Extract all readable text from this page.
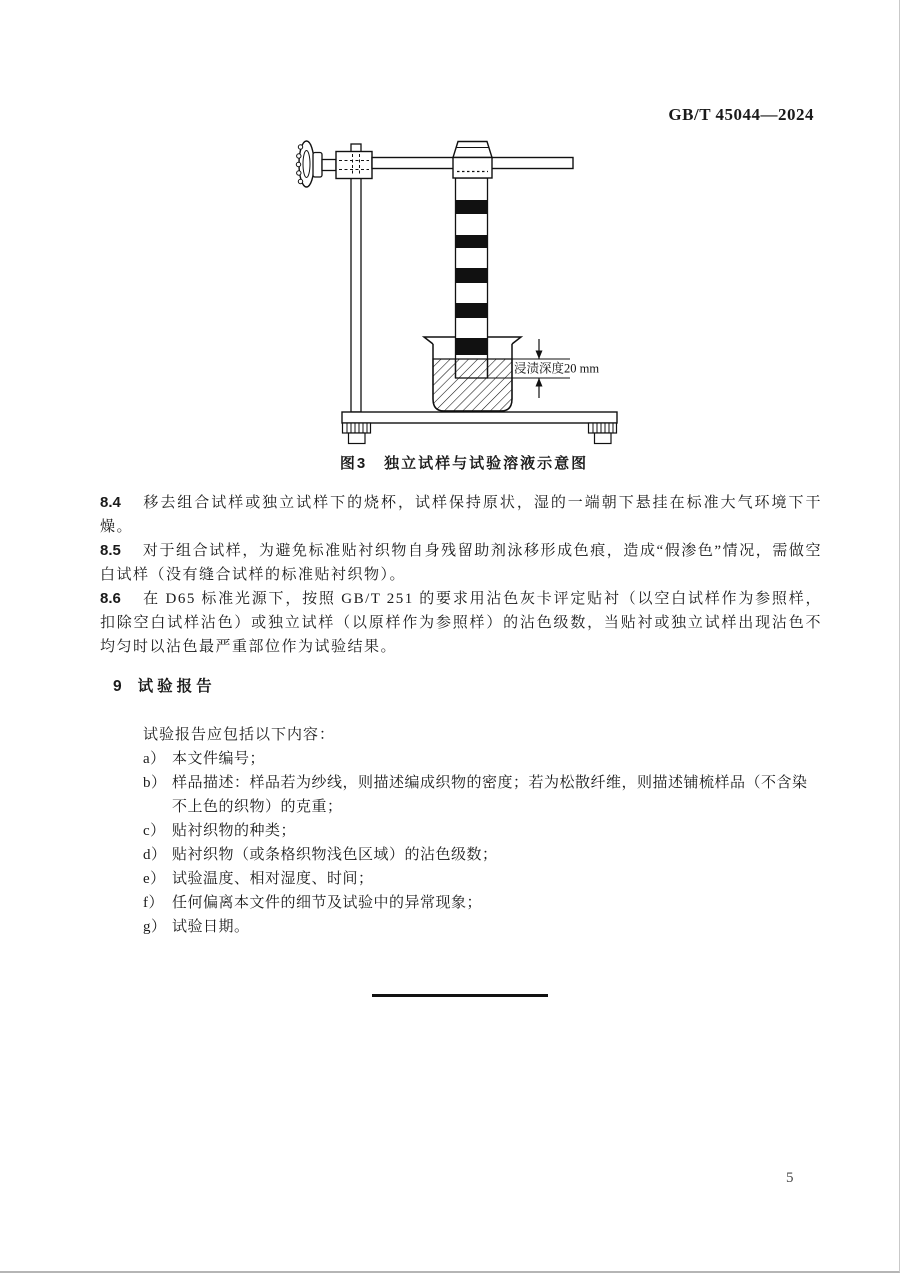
GB/T 45044—2024
浸渍深度20 mm
图3　独立试样与试验溶液示意图

8.4 移去组合试样或独立试样下的烧杯，试样保持原状，湿的一端朝下悬挂在标准大气环境下干燥。

8.5 对于组合试样，为避免标准贴衬织物自身残留助剂泳移形成色痕，造成“假渗色”情况，需做空白试样（没有缝合试样的标准贴衬织物）。

8.6 在 D65 标准光源下，按照 GB/T 251 的要求用沾色灰卡评定贴衬（以空白试样作为参照样，扣除空白试样沾色）或独立试样（以原样作为参照样）的沾色级数，当贴衬或独立试样出现沾色不均匀时以沾色最严重部位作为试验结果。

9 试验报告

试验报告应包括以下内容：

a） 本文件编号；
b） 样品描述：样品若为纱线，则描述编成织物的密度；若为松散纤维，则描述铺梳样品（不含染不上色的织物）的克重；
c） 贴衬织物的种类；
d） 贴衬织物（或条格织物浅色区域）的沾色级数；
e） 试验温度、相对湿度、时间；
f） 任何偏离本文件的细节及试验中的异常现象；
g） 试验日期。
5
